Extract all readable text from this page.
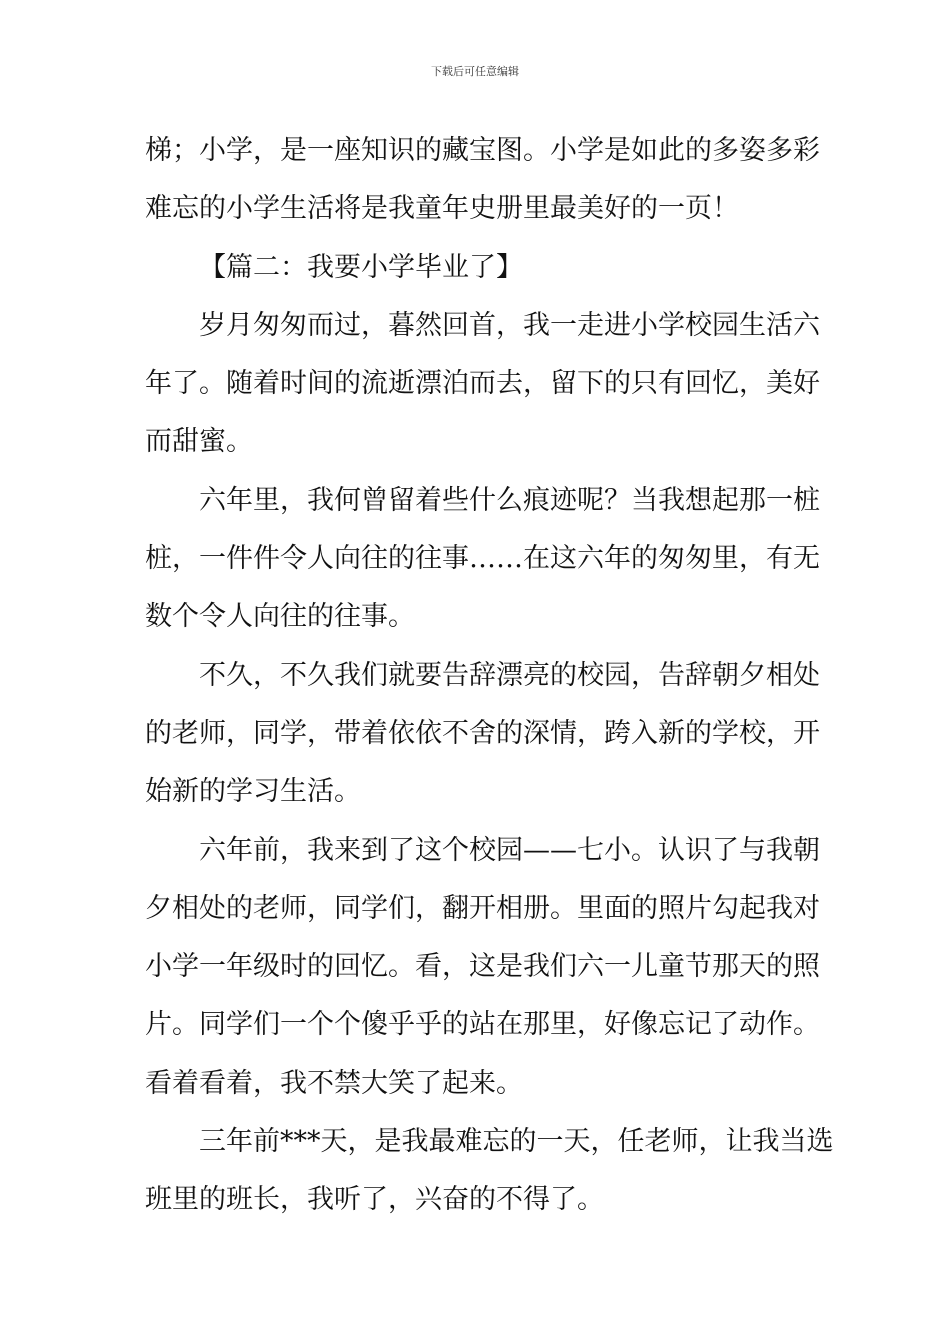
下载后可任意编辑
梯；小学，是一座知识的藏宝图。小学是如此的多姿多彩
难忘的小学生活将是我童年史册里最美好的一页！
【篇二：我要小学毕业了】
岁月匆匆而过，暮然回首，我一走进小学校园生活六
年了。随着时间的流逝漂泊而去，留下的只有回忆，美好
而甜蜜。
六年里，我何曾留着些什么痕迹呢？当我想起那一桩
桩，一件件令人向往的往事……在这六年的匆匆里，有无
数个令人向往的往事。
不久，不久我们就要告辞漂亮的校园，告辞朝夕相处
的老师，同学，带着依依不舍的深情，跨入新的学校，开
始新的学习生活。
六年前，我来到了这个校园——七小。认识了与我朝
夕相处的老师，同学们，翻开相册。里面的照片勾起我对
小学一年级时的回忆。看，这是我们六一儿童节那天的照
片。同学们一个个傻乎乎的站在那里，好像忘记了动作。
看着看着，我不禁大笑了起来。
三年前***天，是我最难忘的一天，任老师，让我当选
班里的班长，我听了，兴奋的不得了。
